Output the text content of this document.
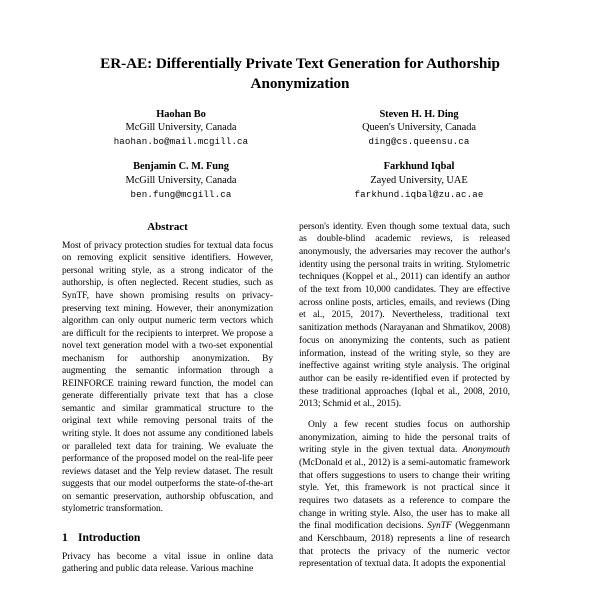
ER-AE: Differentially Private Text Generation for Authorship Anonymization
Haohan Bo
McGill University, Canada
haohan.bo@mail.mcgill.ca
Benjamin C. M. Fung
McGill University, Canada
ben.fung@mcgill.ca
Steven H. H. Ding
Queen's University, Canada
ding@cs.queensu.ca
Farkhund Iqbal
Zayed University, UAE
farkhund.iqbal@zu.ac.ae
Abstract

Most of privacy protection studies for textual data focus on removing explicit sensitive identifiers. However, personal writing style, as a strong indicator of the authorship, is often neglected. Recent studies, such as SynTF, have shown promising results on privacy-preserving text mining. However, their anonymization algorithm can only output numeric term vectors which are difficult for the recipients to interpret. We propose a novel text generation model with a two-set exponential mechanism for authorship anonymization. By augmenting the semantic information through a REINFORCE training reward function, the model can generate differentially private text that has a close semantic and similar grammatical structure to the original text while removing personal traits of the writing style. It does not assume any conditioned labels or paralleled text data for training. We evaluate the performance of the proposed model on the real-life peer reviews dataset and the Yelp review dataset. The result suggests that our model outperforms the state-of-the-art on semantic preservation, authorship obfuscation, and stylometric transformation.

1 Introduction

Privacy has become a vital issue in online data gathering and public data release. Various machine

person's identity. Even though some textual data, such as double-blind academic reviews, is released anonymously, the adversaries may recover the author's identity using the personal traits in writing. Stylometric techniques (Koppel et al., 2011) can identify an author of the text from 10,000 candidates. They are effective across online posts, articles, emails, and reviews (Ding et al., 2015, 2017). Nevertheless, traditional text sanitization methods (Narayanan and Shmatikov, 2008) focus on anonymizing the contents, such as patient information, instead of the writing style, so they are ineffective against writing style analysis. The original author can be easily re-identified even if protected by these traditional approaches (Iqbal et al., 2008, 2010, 2013; Schmid et al., 2015).

Only a few recent studies focus on authorship anonymization, aiming to hide the personal traits of writing style in the given textual data. Anonymouth (McDonald et al., 2012) is a semi-automatic framework that offers suggestions to users to change their writing style. Yet, this framework is not practical since it requires two datasets as a reference to compare the change in writing style. Also, the user has to make all the final modification decisions. SynTF (Weggenmann and Kerschbaum, 2018) represents a line of research that protects the privacy of the numeric vector representation of textual data. It adopts the exponential
